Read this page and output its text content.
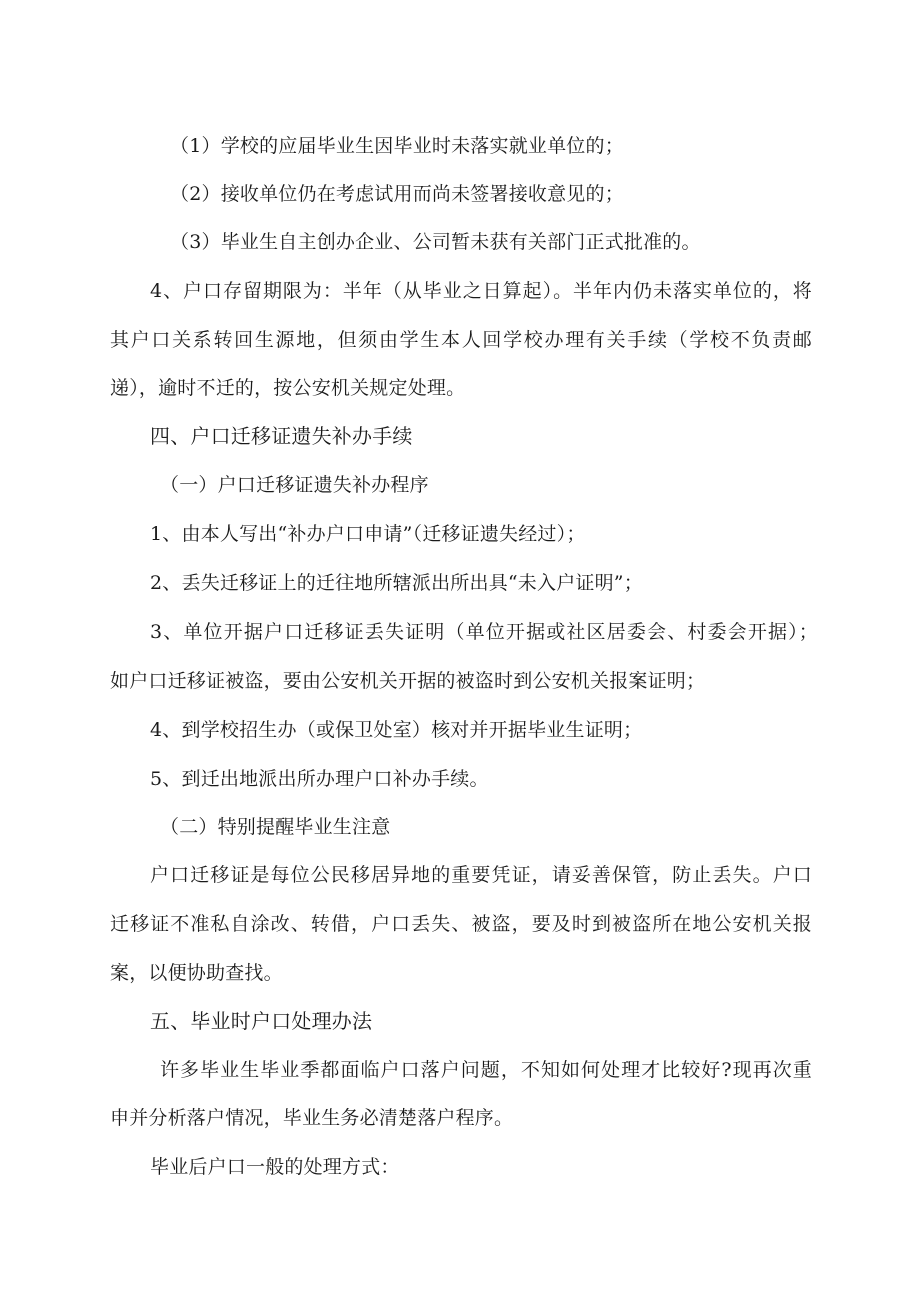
（1）学校的应届毕业生因毕业时未落实就业单位的；
（2）接收单位仍在考虑试用而尚未签署接收意见的；
（3）毕业生自主创办企业、公司暂未获有关部门正式批准的。
4、户口存留期限为：半年（从毕业之日算起）。半年内仍未落实单位的，将
其户口关系转回生源地，但须由学生本人回学校办理有关手续（学校不负责邮
递），逾时不迁的，按公安机关规定处理。
四、户口迁移证遗失补办手续
（一）户口迁移证遗失补办程序
1、由本人写出“补办户口申请”（迁移证遗失经过）；
2、丢失迁移证上的迁往地所辖派出所出具“未入户证明”；
3、单位开据户口迁移证丢失证明（单位开据或社区居委会、村委会开据）；
如户口迁移证被盗，要由公安机关开据的被盗时到公安机关报案证明；
4、到学校招生办（或保卫处室）核对并开据毕业生证明；
5、到迁出地派出所办理户口补办手续。
（二）特别提醒毕业生注意
户口迁移证是每位公民移居异地的重要凭证，请妥善保管，防止丢失。户口
迁移证不准私自涂改、转借，户口丢失、被盗，要及时到被盗所在地公安机关报
案，以便协助查找。
五、毕业时户口处理办法
许多毕业生毕业季都面临户口落户问题，不知如何处理才比较好?现再次重
申并分析落户情况，毕业生务必清楚落户程序。
毕业后户口一般的处理方式：
